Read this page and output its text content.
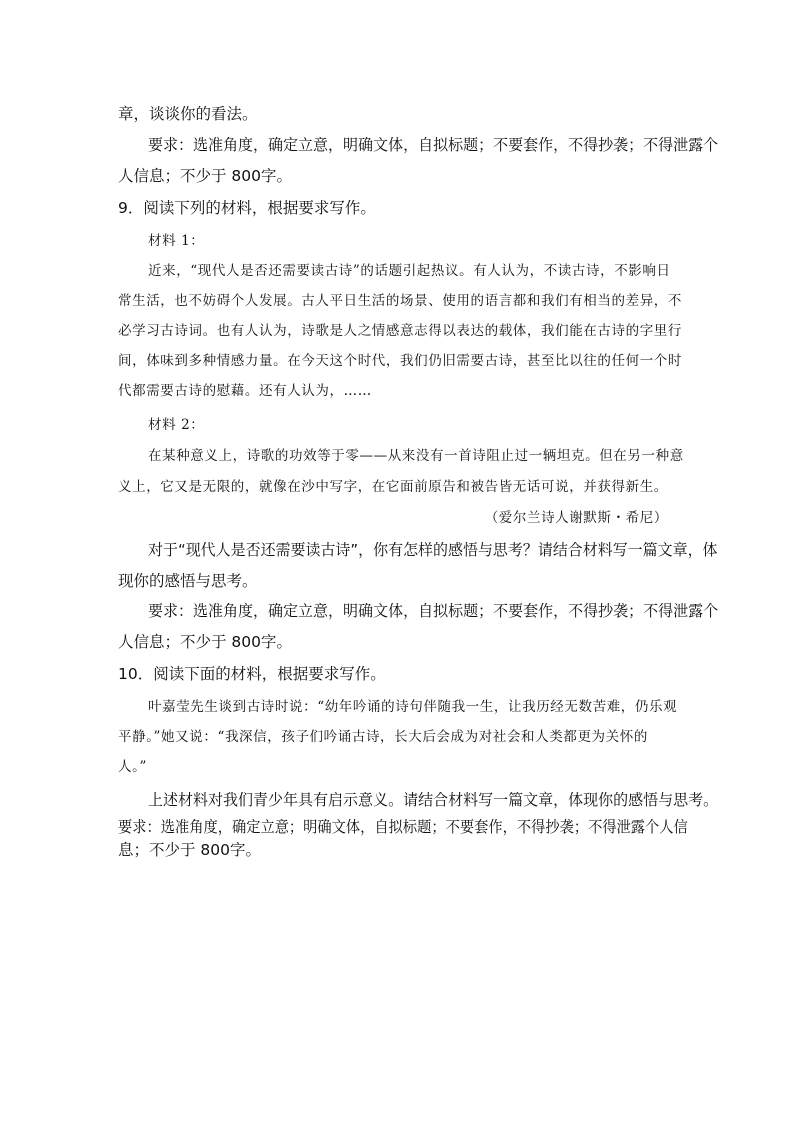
章，谈谈你的看法。
要求：选准角度，确定立意，明确文体，自拟标题；不要套作，不得抄袭；不得泄露个
人信息；不少于 800字。
9．阅读下列的材料，根据要求写作。
材料 1：
近来，“现代人是否还需要读古诗”的话题引起热议。有人认为，不读古诗，不影响日
常生活，也不妨碍个人发展。古人平日生活的场景、使用的语言都和我们有相当的差异，不
必学习古诗词。也有人认为，诗歌是人之情感意志得以表达的载体，我们能在古诗的字里行
间，体味到多种情感力量。在今天这个时代，我们仍旧需要古诗，甚至比以往的任何一个时
代都需要古诗的慰藉。还有人认为，……
材料 2：
在某种意义上，诗歌的功效等于零——从来没有一首诗阻止过一辆坦克。但在另一种意
义上，它又是无限的，就像在沙中写字，在它面前原告和被告皆无话可说，并获得新生。
（爱尔兰诗人谢默斯・希尼）
对于“现代人是否还需要读古诗”，你有怎样的感悟与思考？请结合材料写一篇文章，体
现你的感悟与思考。
要求：选准角度，确定立意，明确文体，自拟标题；不要套作，不得抄袭；不得泄露个
人信息；不少于 800字。
10．阅读下面的材料，根据要求写作。
叶嘉莹先生谈到古诗时说：“幼年吟诵的诗句伴随我一生，让我历经无数苦难，仍乐观
平静。”她又说：“我深信，孩子们吟诵古诗，长大后会成为对社会和人类都更为关怀的
人。”
上述材料对我们青少年具有启示意义。请结合材料写一篇文章，体现你的感悟与思考。
要求：选准角度，确定立意；明确文体，自拟标题；不要套作，不得抄袭；不得泄露个人信
息；不少于 800字。
